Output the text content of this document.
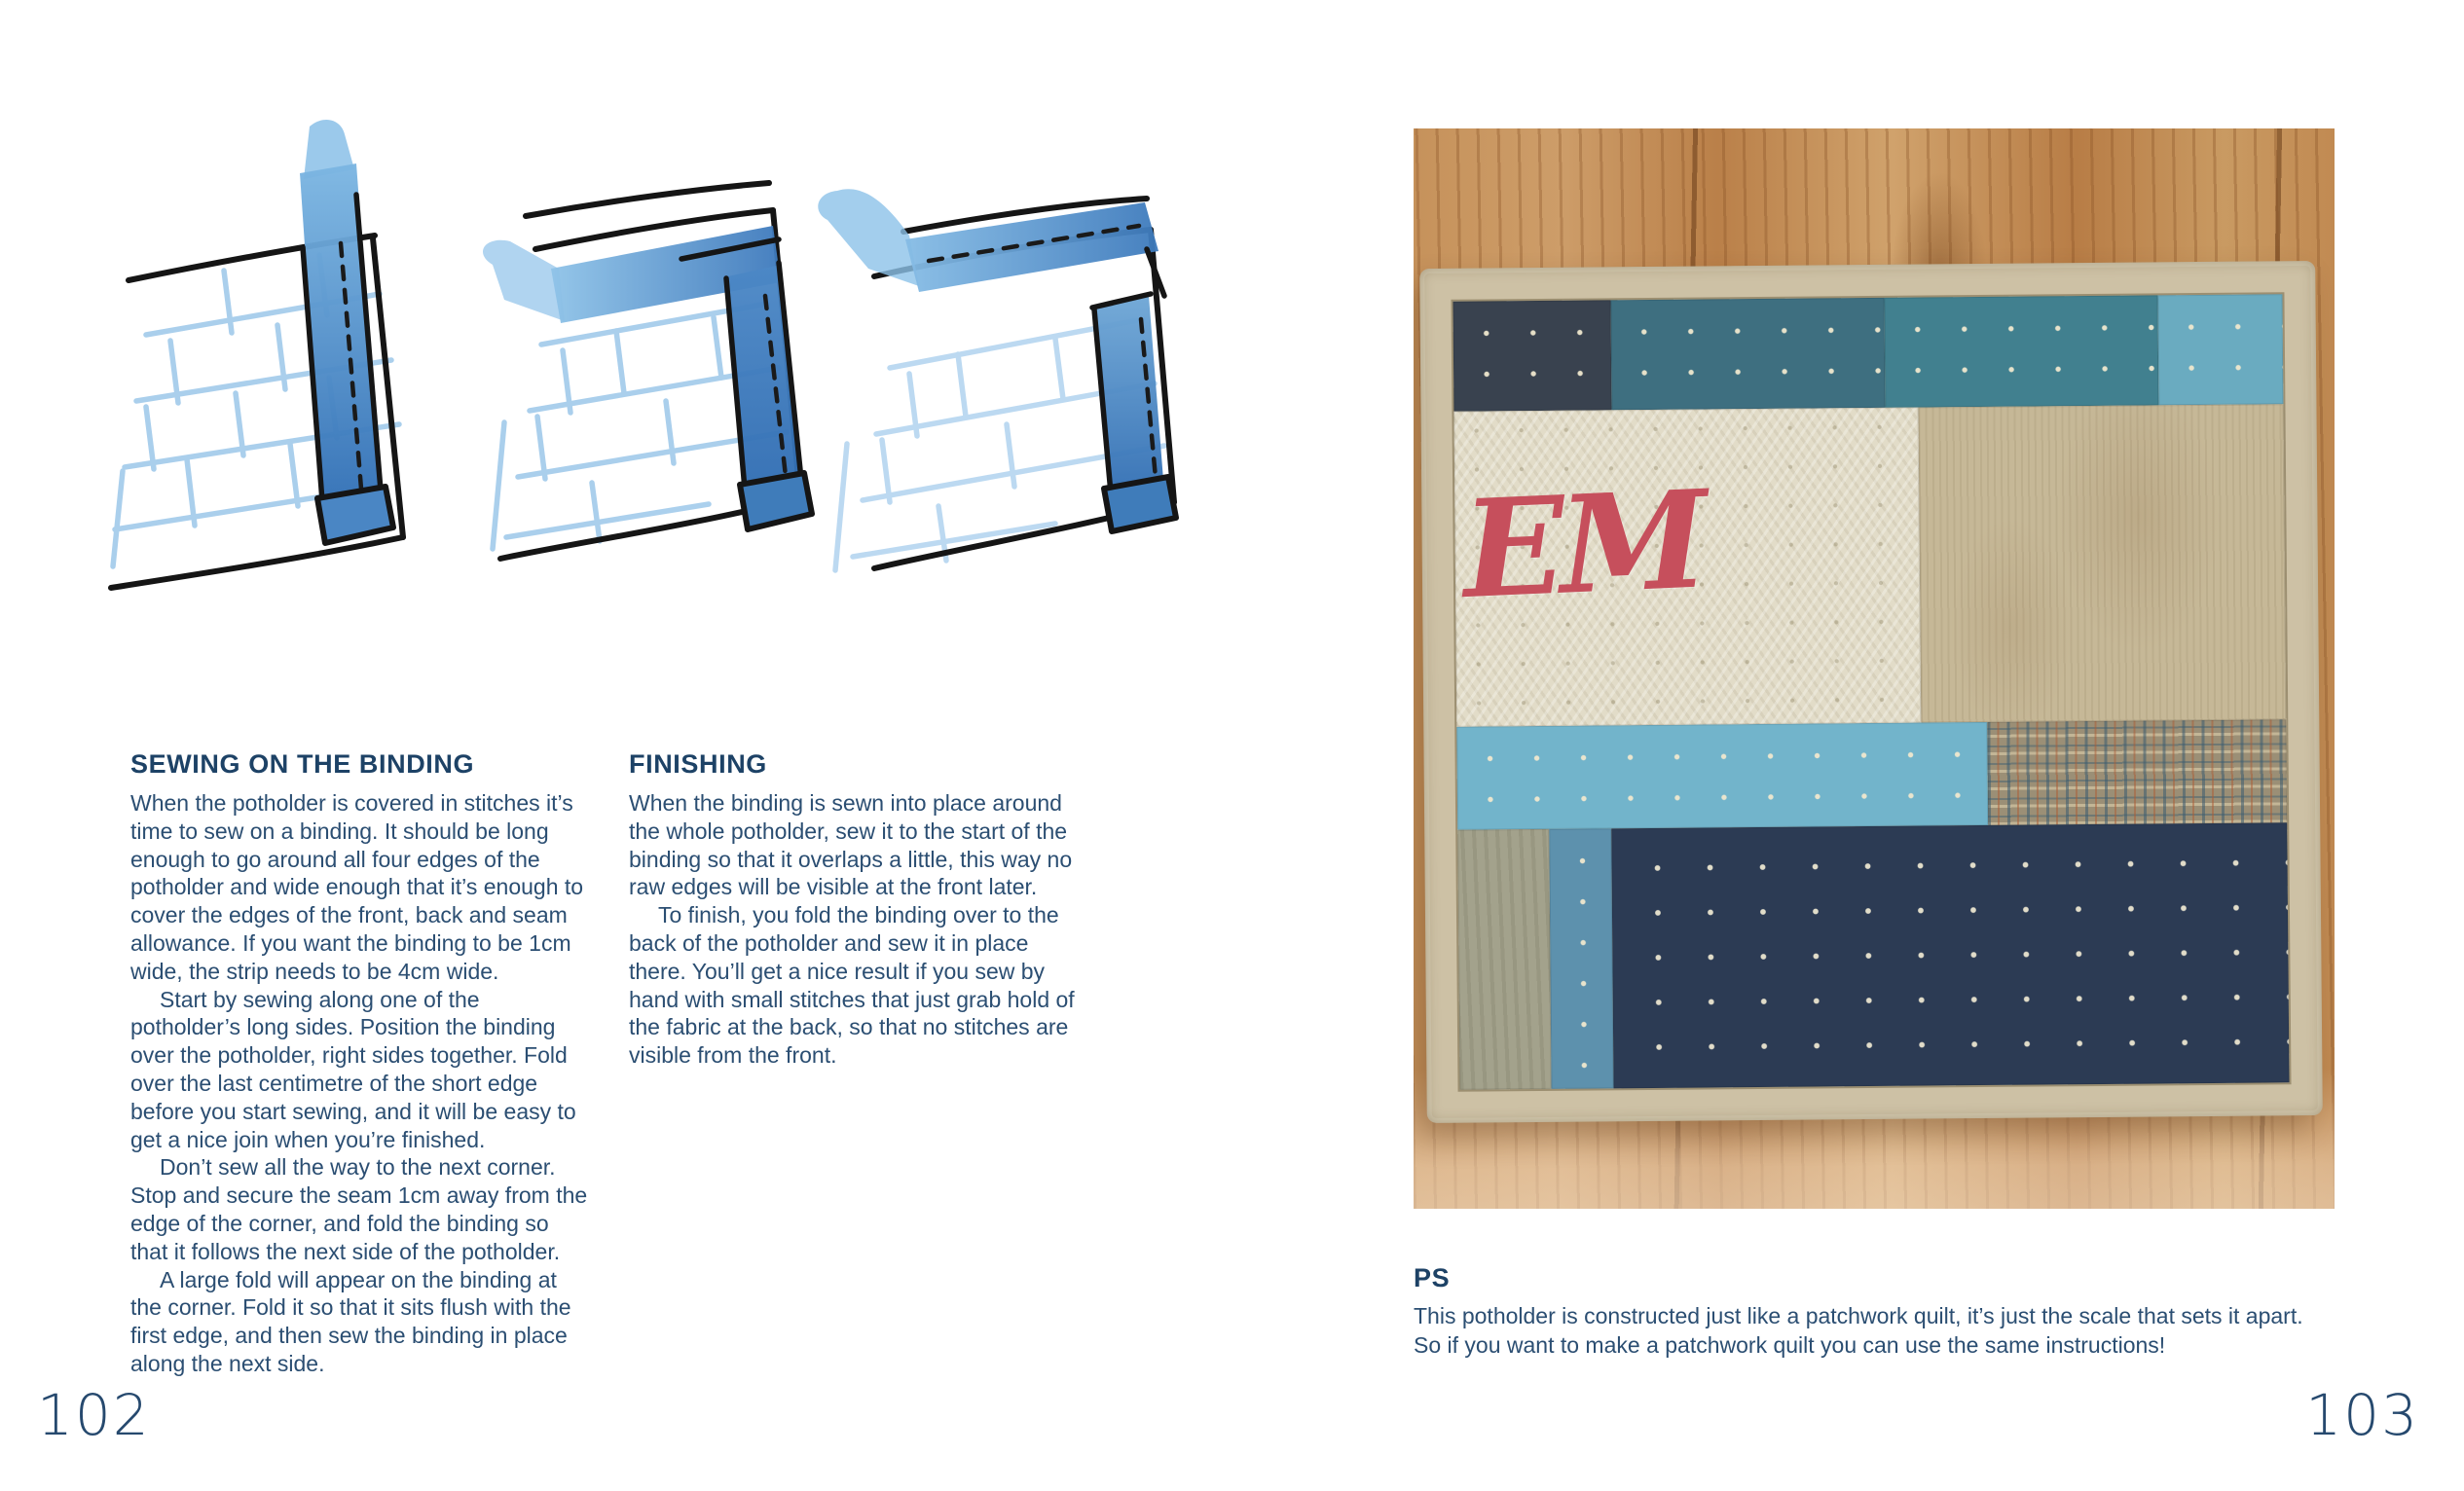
SEWING ON THE BINDING

When the potholder is covered in stitches it’s time to sew on a binding. It should be long enough to go around all four edges of the potholder and wide enough that it’s enough to cover the edges of the front, back and seam allowance. If you want the binding to be 1cm wide, the strip needs to be 4cm wide.

Start by sewing along one of the potholder’s long sides. Position the binding over the potholder, right sides together. Fold over the last centimetre of the short edge before you start sewing, and it will be easy to get a nice join when you’re finished.

Don’t sew all the way to the next corner. Stop and secure the seam 1cm away from the edge of the corner, and fold the binding so that it follows the next side of the potholder.

A large fold will appear on the binding at the corner. Fold it so that it sits flush with the first edge, and then sew the binding in place along the next side.

FINISHING

When the binding is sewn into place around the whole potholder, sew it to the start of the binding so that it overlaps a little, this way no raw edges will be visible at the front later.

To finish, you fold the binding over to the back of the potholder and sew it in place there. You’ll get a nice result if you sew by hand with small stitches that just grab hold of the fabric at the back, so that no stitches are visible from the front.

102
EM
PS
This potholder is constructed just like a patchwork quilt, it’s just the scale that sets it apart.
So if you want to make a patchwork quilt you can use the same instructions!
103
